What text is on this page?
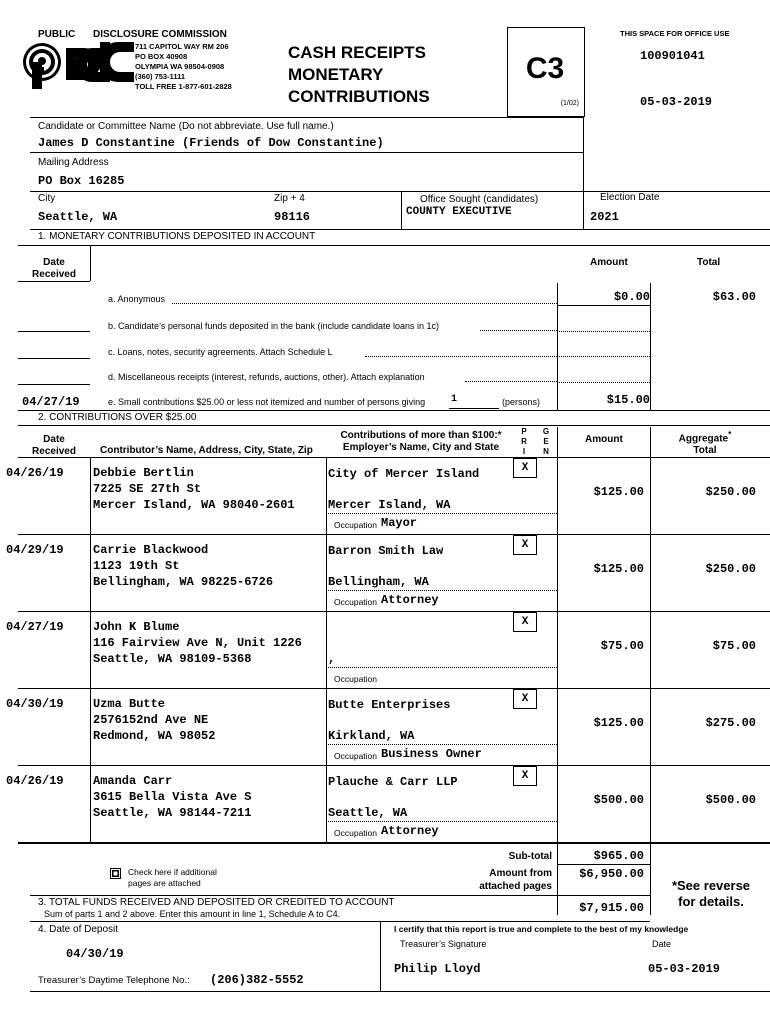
PUBLIC DISCLOSURE COMMISSION
711 CAPITOL WAY RM 206
PO BOX 40908
OLYMPIA WA 98504-0908
(360) 753-1111
TOLL FREE 1-877-601-2828
CASH RECEIPTS
MONETARY
CONTRIBUTIONS
C3
(1/02)
THIS SPACE FOR OFFICE USE
100901041
05-03-2019
Candidate or Committee Name (Do not abbreviate. Use full name.)
James D Constantine (Friends of Dow Constantine)
Mailing Address
PO Box 16285
City
Seattle, WA
Zip + 4
98116
Office Sought (candidates)
COUNTY EXECUTIVE
Election Date
2021
1. MONETARY CONTRIBUTIONS DEPOSITED IN ACCOUNT
Date
Received
Amount	Total
a. Anonymous	$0.00	$63.00
b. Candidate’s personal funds deposited in the bank (include candidate loans in 1c)
c. Loans, notes, security agreements. Attach Schedule L
d. Miscellaneous receipts (interest, refunds, auctions, other). Attach explanation
04/27/19	e. Small contributions $25.00 or less not itemized and number of persons giving	1	(persons)	$15.00
2. CONTRIBUTIONS OVER $25.00
Date
Received	Contributor’s Name, Address, City, State, Zip
Contributions of more than $100:*
Employer’s Name, City and State
P R I
G E N
Amount	Aggregate*
Total
04/26/19 Debbie Bertlin
7225 SE 27th St
Mercer Island, WA 98040-2601
City of Mercer Island
Mercer Island, WA
Mayor
$125.00	$250.00
Occupation
X
04/29/19 Carrie Blackwood
1123 19th St
Bellingham, WA 98225-6726
Barron Smith Law
Bellingham, WA
Attorney
$125.00	$250.00
Occupation
X
04/27/19 John K Blume
116 Fairview Ave N, Unit 1226
Seattle, WA 98109-5368	,
$75.00	$75.00
Occupation
X
04/30/19 Uzma Butte
2576152nd Ave NE
Redmond, WA 98052
Butte Enterprises
Kirkland, WA
Business Owner
$125.00	$275.00
Occupation
X
04/26/19 Amanda Carr
3615 Bella Vista Ave S
Seattle, WA 98144-7211
Plauche & Carr LLP
Seattle, WA
Attorney
$500.00	$500.00
Occupation
X
Check here if additional
pages are attached
Sub-total	$965.00
Amount from
attached pages
$6,950.00
*See reverse
for details.
3. TOTAL FUNDS RECEIVED AND DEPOSITED OR CREDITED TO ACCOUNT
Sum of parts 1 and 2 above. Enter this amount in line 1, Schedule A to C4.	$7,915.00
4. Date of Deposit
04/30/19
I certify that this report is true and complete to the best of my knowledge
Treasurer’s Signature	Date
Philip Lloyd	05-03-2019
Treasurer’s Daytime Telephone No.: (206)382-5552
